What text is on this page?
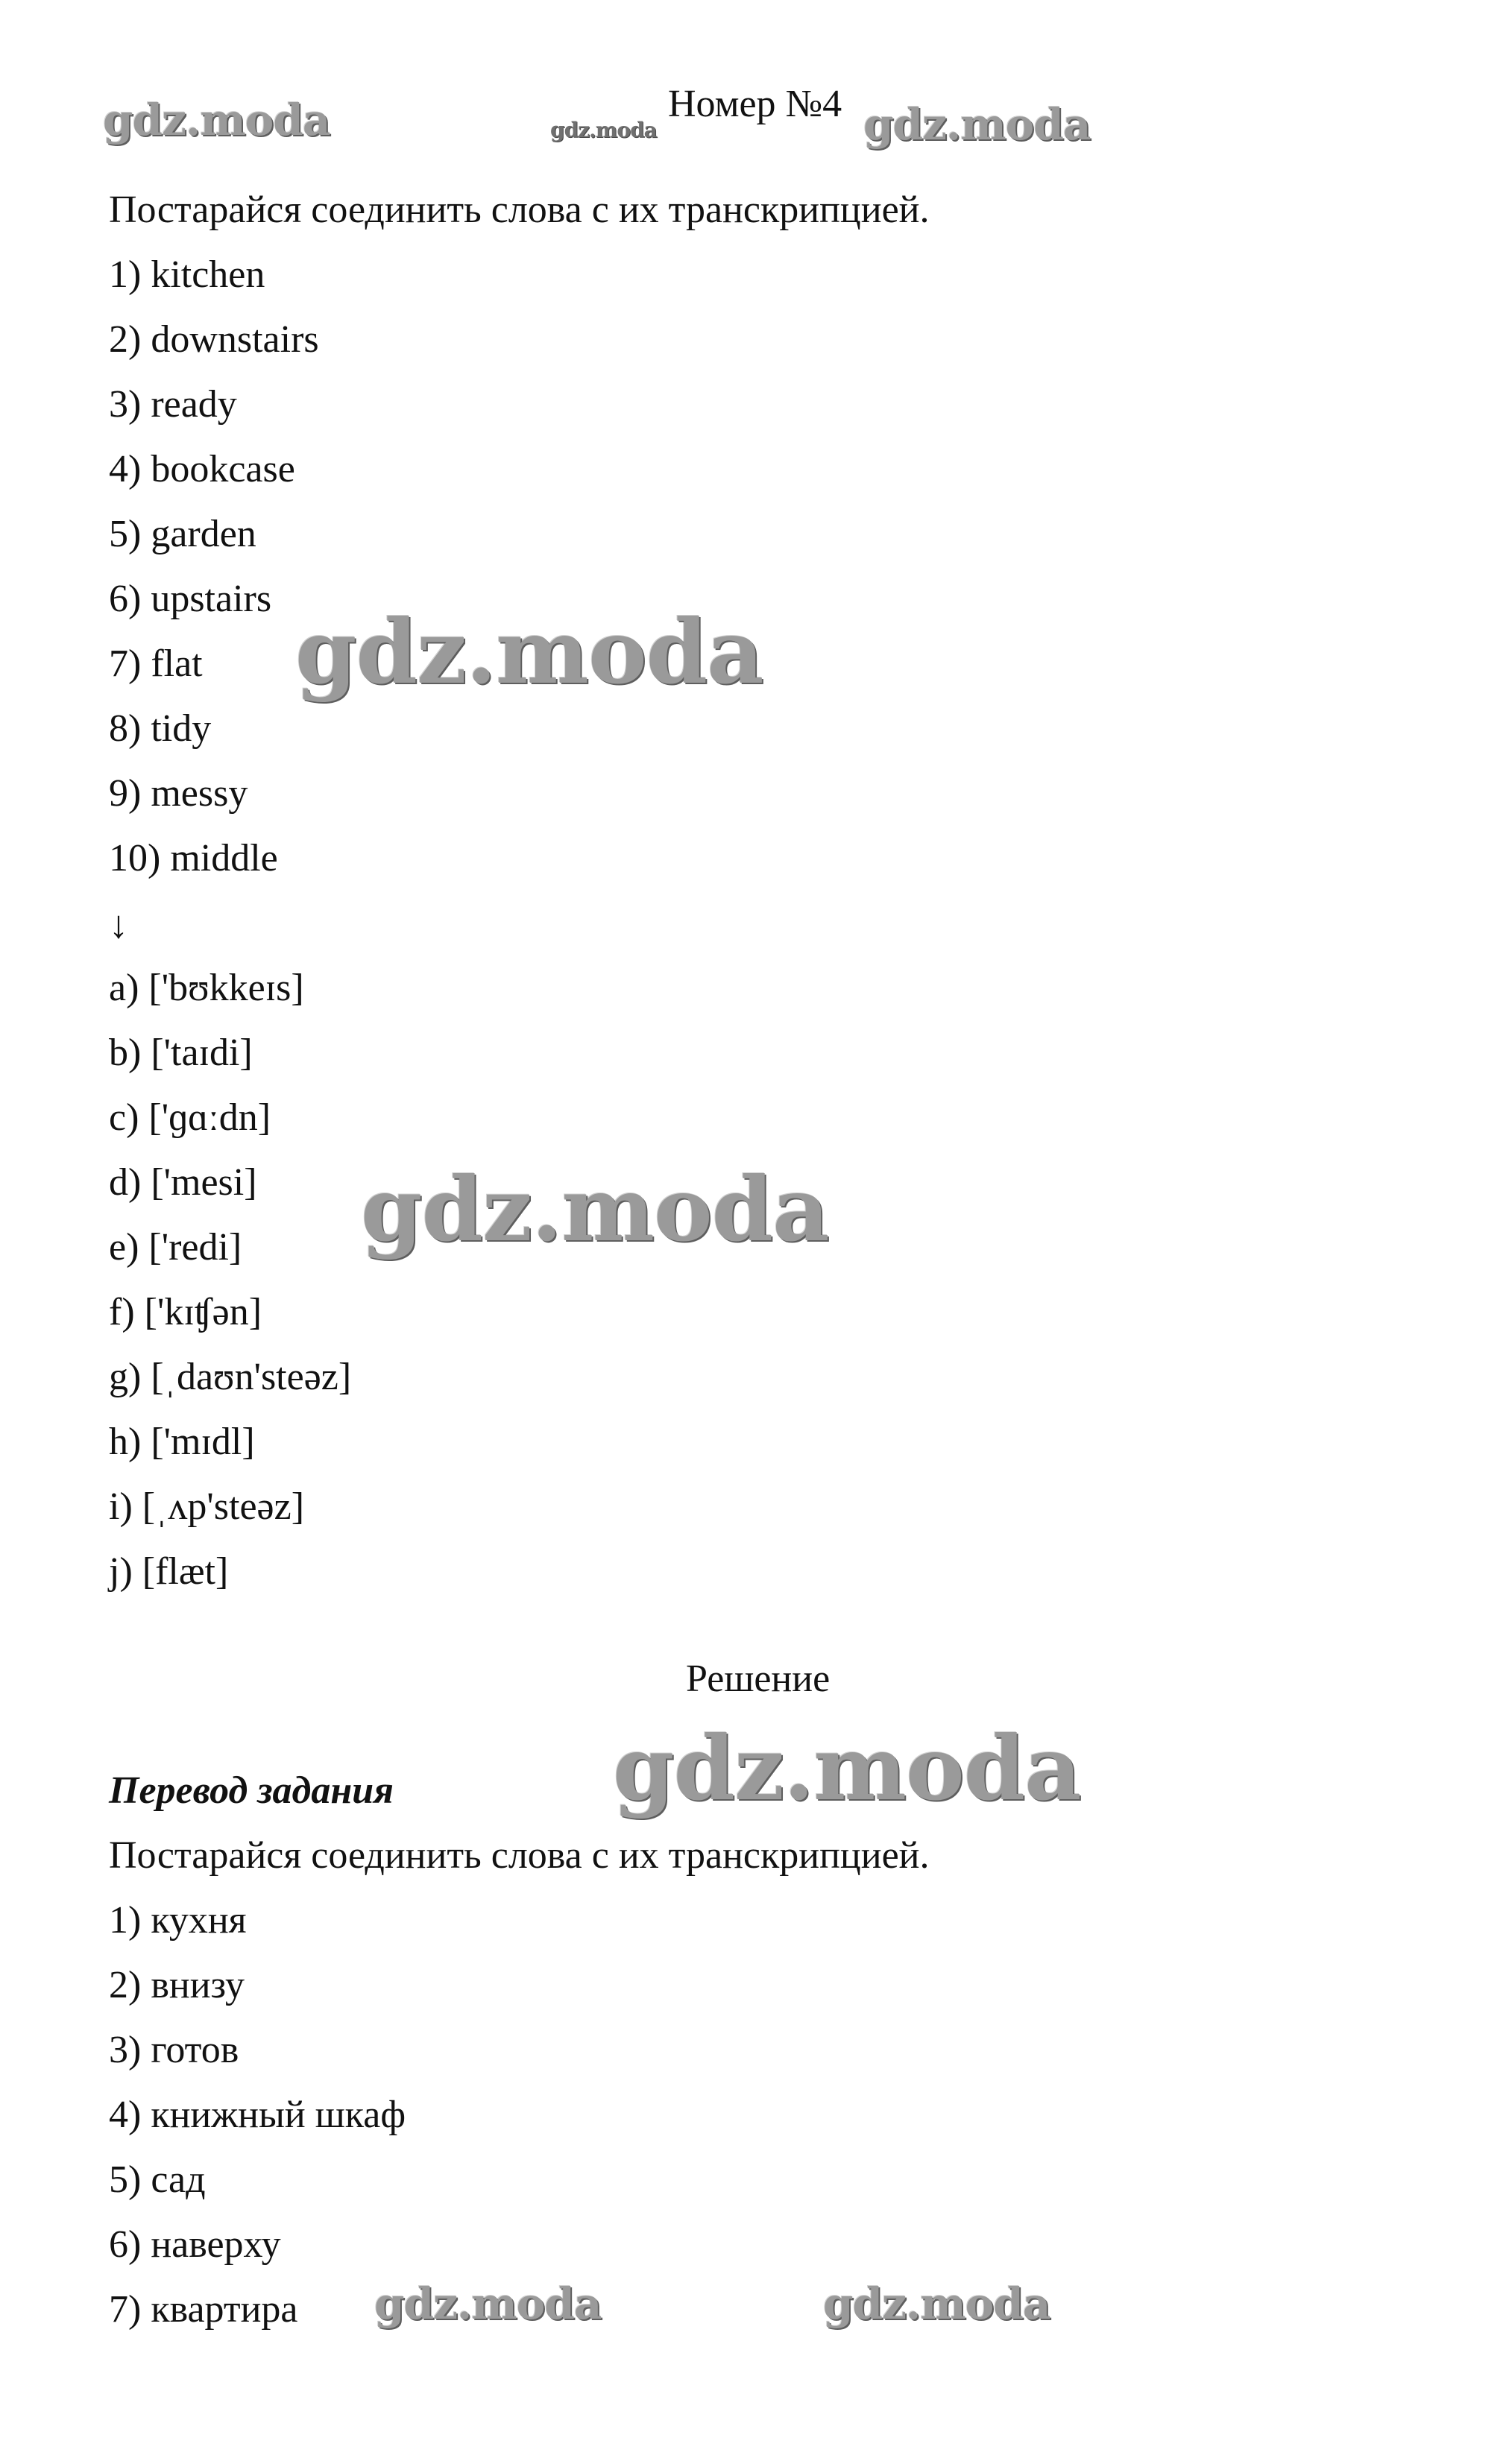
gdz.moda	gdz.moda	gdz.moda
gdz.moda
gdz.moda
gdz.moda
gdz.moda	gdz.moda
Номер №4
Постарайся соединить слова с их транскрипцией.
1) kitchen
2) downstairs
3) ready
4) bookcase
5) garden
6) upstairs
7) flat
8) tidy
9) messy
10) middle
↓
a) ['bʊkkeɪs]
b) ['taɪdi]
c) ['ɡɑːdn]
d) ['mesi]
e) ['redi]
f) ['kɪʧən]
g) [ˌdaʊn'steəz]
h) ['mɪdl]
i) [ˌʌp'steəz]
j) [flæt]
Решение
Перевод задания
Постарайся соединить слова с их транскрипцией.
1) кухня
2) внизу
3) готов
4) книжный шкаф
5) сад
6) наверху
7) квартира
